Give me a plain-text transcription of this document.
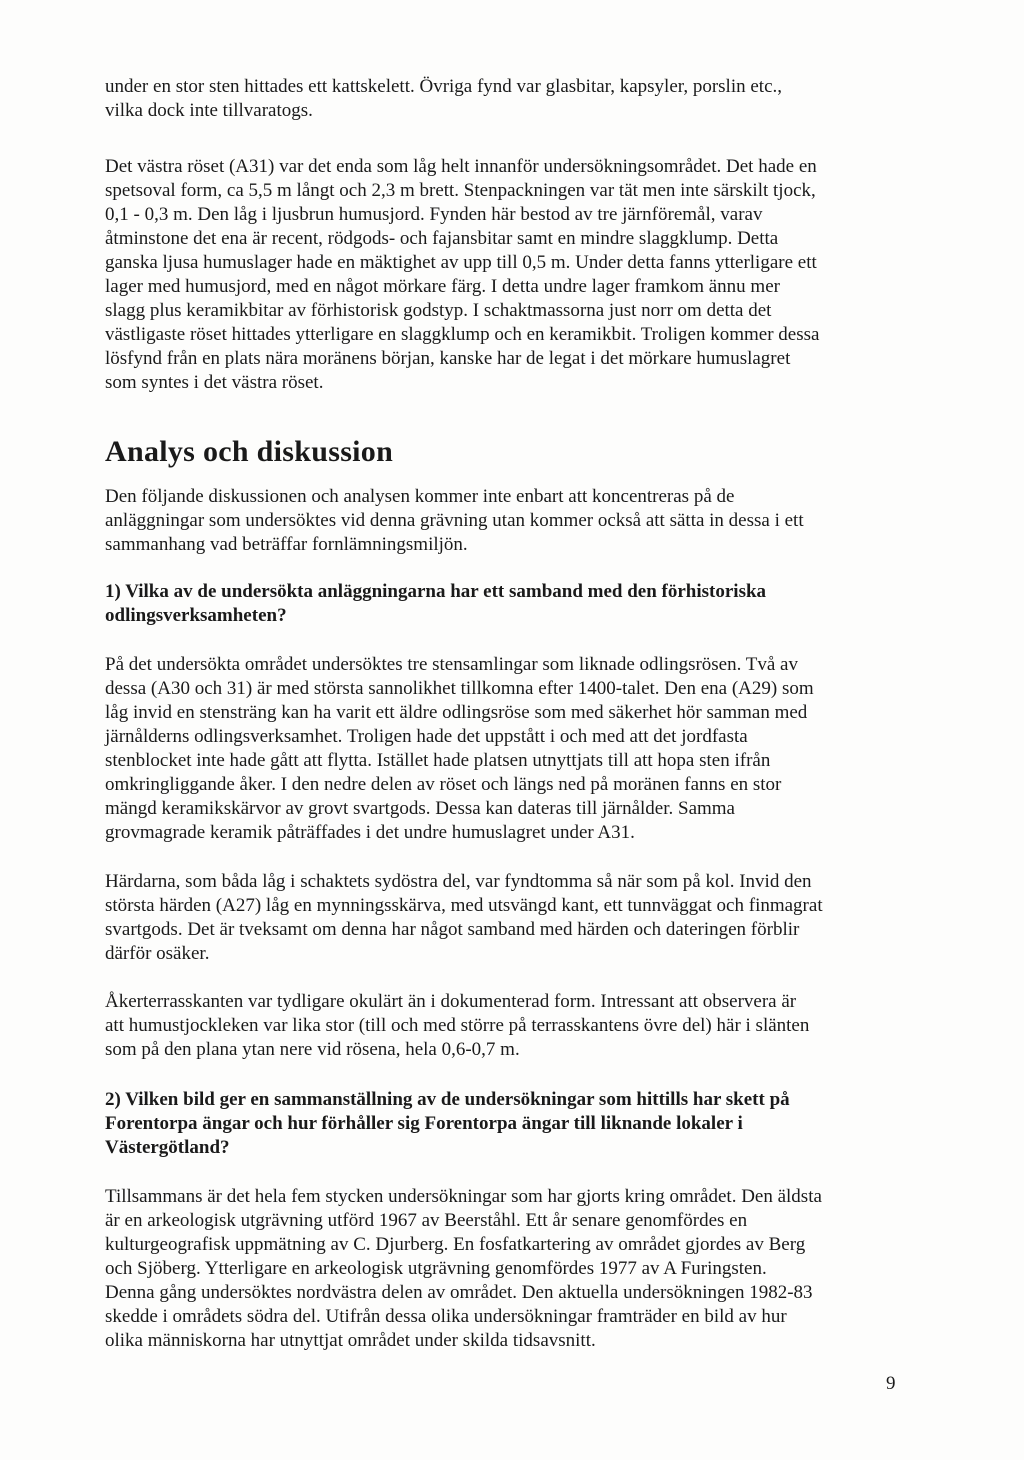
under en stor sten hittades ett kattskelett. Övriga fynd var glasbitar, kapsyler, porslin etc.,
vilka dock inte tillvaratogs.

Det västra röset (A31) var det enda som låg helt innanför undersökningsområdet. Det hade en
spetsoval form, ca 5,5 m långt och 2,3 m brett. Stenpackningen var tät men inte särskilt tjock,
0,1 - 0,3 m. Den låg i ljusbrun humusjord. Fynden här bestod av tre järnföremål, varav
åtminstone det ena är recent, rödgods- och fajansbitar samt en mindre slaggklump. Detta
ganska ljusa humuslager hade en mäktighet av upp till 0,5 m. Under detta fanns ytterligare ett
lager med humusjord, med en något mörkare färg. I detta undre lager framkom ännu mer
slagg plus keramikbitar av förhistorisk godstyp. I schaktmassorna just norr om detta det
västligaste röset hittades ytterligare en slaggklump och en keramikbit. Troligen kommer dessa
lösfynd från en plats nära moränens början, kanske har de legat i det mörkare humuslagret
som syntes i det västra röset.

Analys och diskussion

Den följande diskussionen och analysen kommer inte enbart att koncentreras på de
anläggningar som undersöktes vid denna grävning utan kommer också att sätta in dessa i ett
sammanhang vad beträffar fornlämningsmiljön.

1) Vilka av de undersökta anläggningarna har ett samband med den förhistoriska
odlingsverksamheten?

På det undersökta området undersöktes tre stensamlingar som liknade odlingsrösen. Två av
dessa (A30 och 31) är med största sannolikhet tillkomna efter 1400-talet. Den ena (A29) som
låg invid en stensträng kan ha varit ett äldre odlingsröse som med säkerhet hör samman med
järnålderns odlingsverksamhet. Troligen hade det uppstått i och med att det jordfasta
stenblocket inte hade gått att flytta. Istället hade platsen utnyttjats till att hopa sten ifrån
omkringliggande åker. I den nedre delen av röset och längs ned på moränen fanns en stor
mängd keramikskärvor av grovt svartgods. Dessa kan dateras till järnålder. Samma
grovmagrade keramik påträffades i det undre humuslagret under A31.

Härdarna, som båda låg i schaktets sydöstra del, var fyndtomma så när som på kol. Invid den
största härden (A27) låg en mynningsskärva, med utsvängd kant, ett tunnväggat och finmagrat
svartgods. Det är tveksamt om denna har något samband med härden och dateringen förblir
därför osäker.

Åkerterrasskanten var tydligare okulärt än i dokumenterad form. Intressant att observera är
att humustjockleken var lika stor (till och med större på terrasskantens övre del) här i slänten
som på den plana ytan nere vid rösena, hela 0,6-0,7 m.

2) Vilken bild ger en sammanställning av de undersökningar som hittills har skett på
Forentorpa ängar och hur förhåller sig Forentorpa ängar till liknande lokaler i
Västergötland?

Tillsammans är det hela fem stycken undersökningar som har gjorts kring området. Den äldsta
är en arkeologisk utgrävning utförd 1967 av Beerståhl. Ett år senare genomfördes en
kulturgeografisk uppmätning av C. Djurberg. En fosfatkartering av området gjordes av Berg
och Sjöberg. Ytterligare en arkeologisk utgrävning genomfördes 1977 av A Furingsten.
Denna gång undersöktes nordvästra delen av området. Den aktuella undersökningen 1982-83
skedde i områdets södra del. Utifrån dessa olika undersökningar framträder en bild av hur
olika människorna har utnyttjat området under skilda tidsavsnitt.

9
